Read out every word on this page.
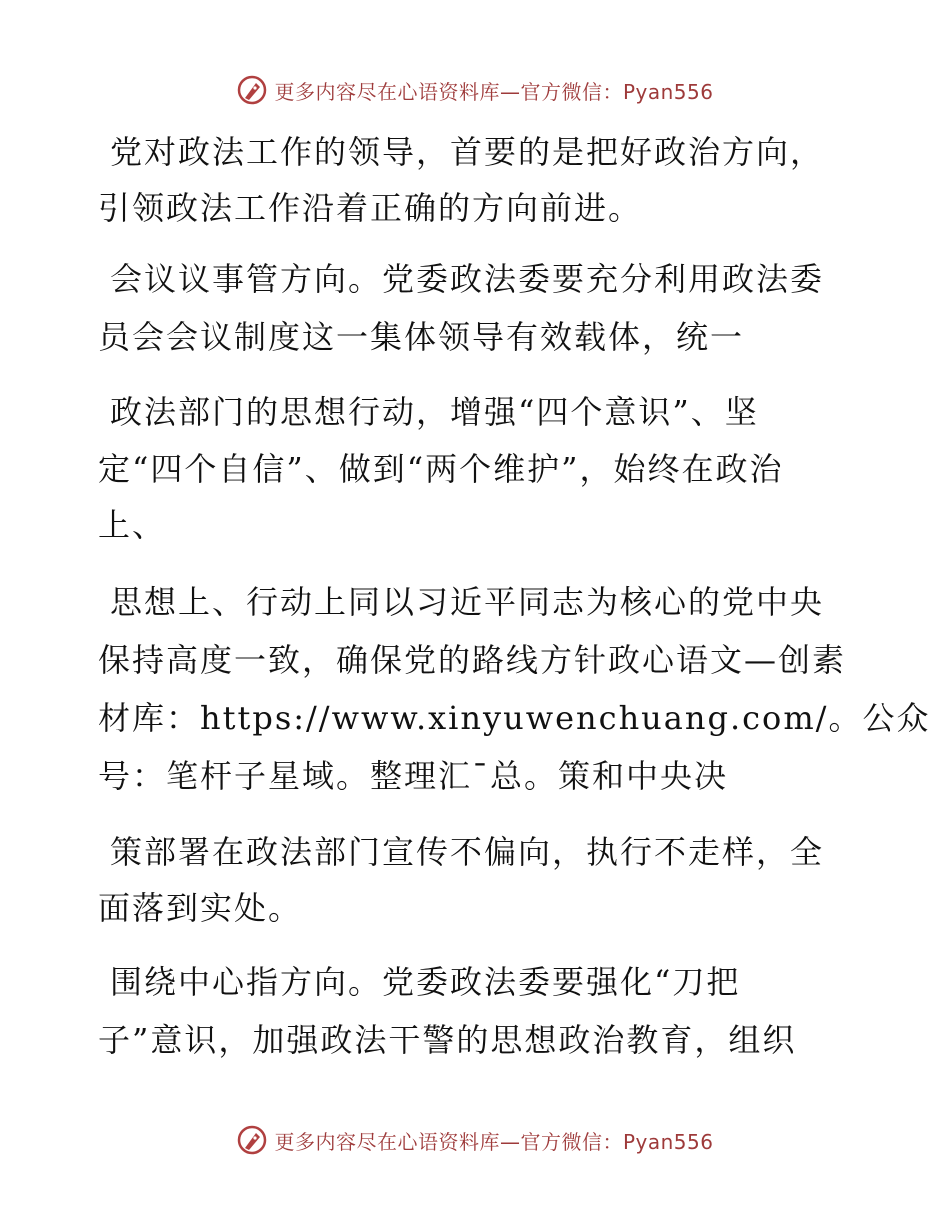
更多内容尽在心语资料库—官方微信：Pyan556
党对政法工作的领导，首要的是把好政治方向，
引领政法工作沿着正确的方向前进。
会议议事管方向。党委政法委要充分利用政法委
员会会议制度这一集体领导有效载体，统一
政法部门的思想行动，增强“四个意识”、坚
定“四个自信”、做到“两个维护”，始终在政治
上、
思想上、行动上同以习近平同志为核心的党中央
保持高度一致，确保党的路线方针政心语文—创素
材库：https://www.xinyuwenchuang.com/。公众
号：笔杆子星域。整理汇¯总。策和中央决
策部署在政法部门宣传不偏向，执行不走样，全
面落到实处。
围绕中心指方向。党委政法委要强化“刀把
子”意识，加强政法干警的思想政治教育，组织
更多内容尽在心语资料库—官方微信：Pyan556
